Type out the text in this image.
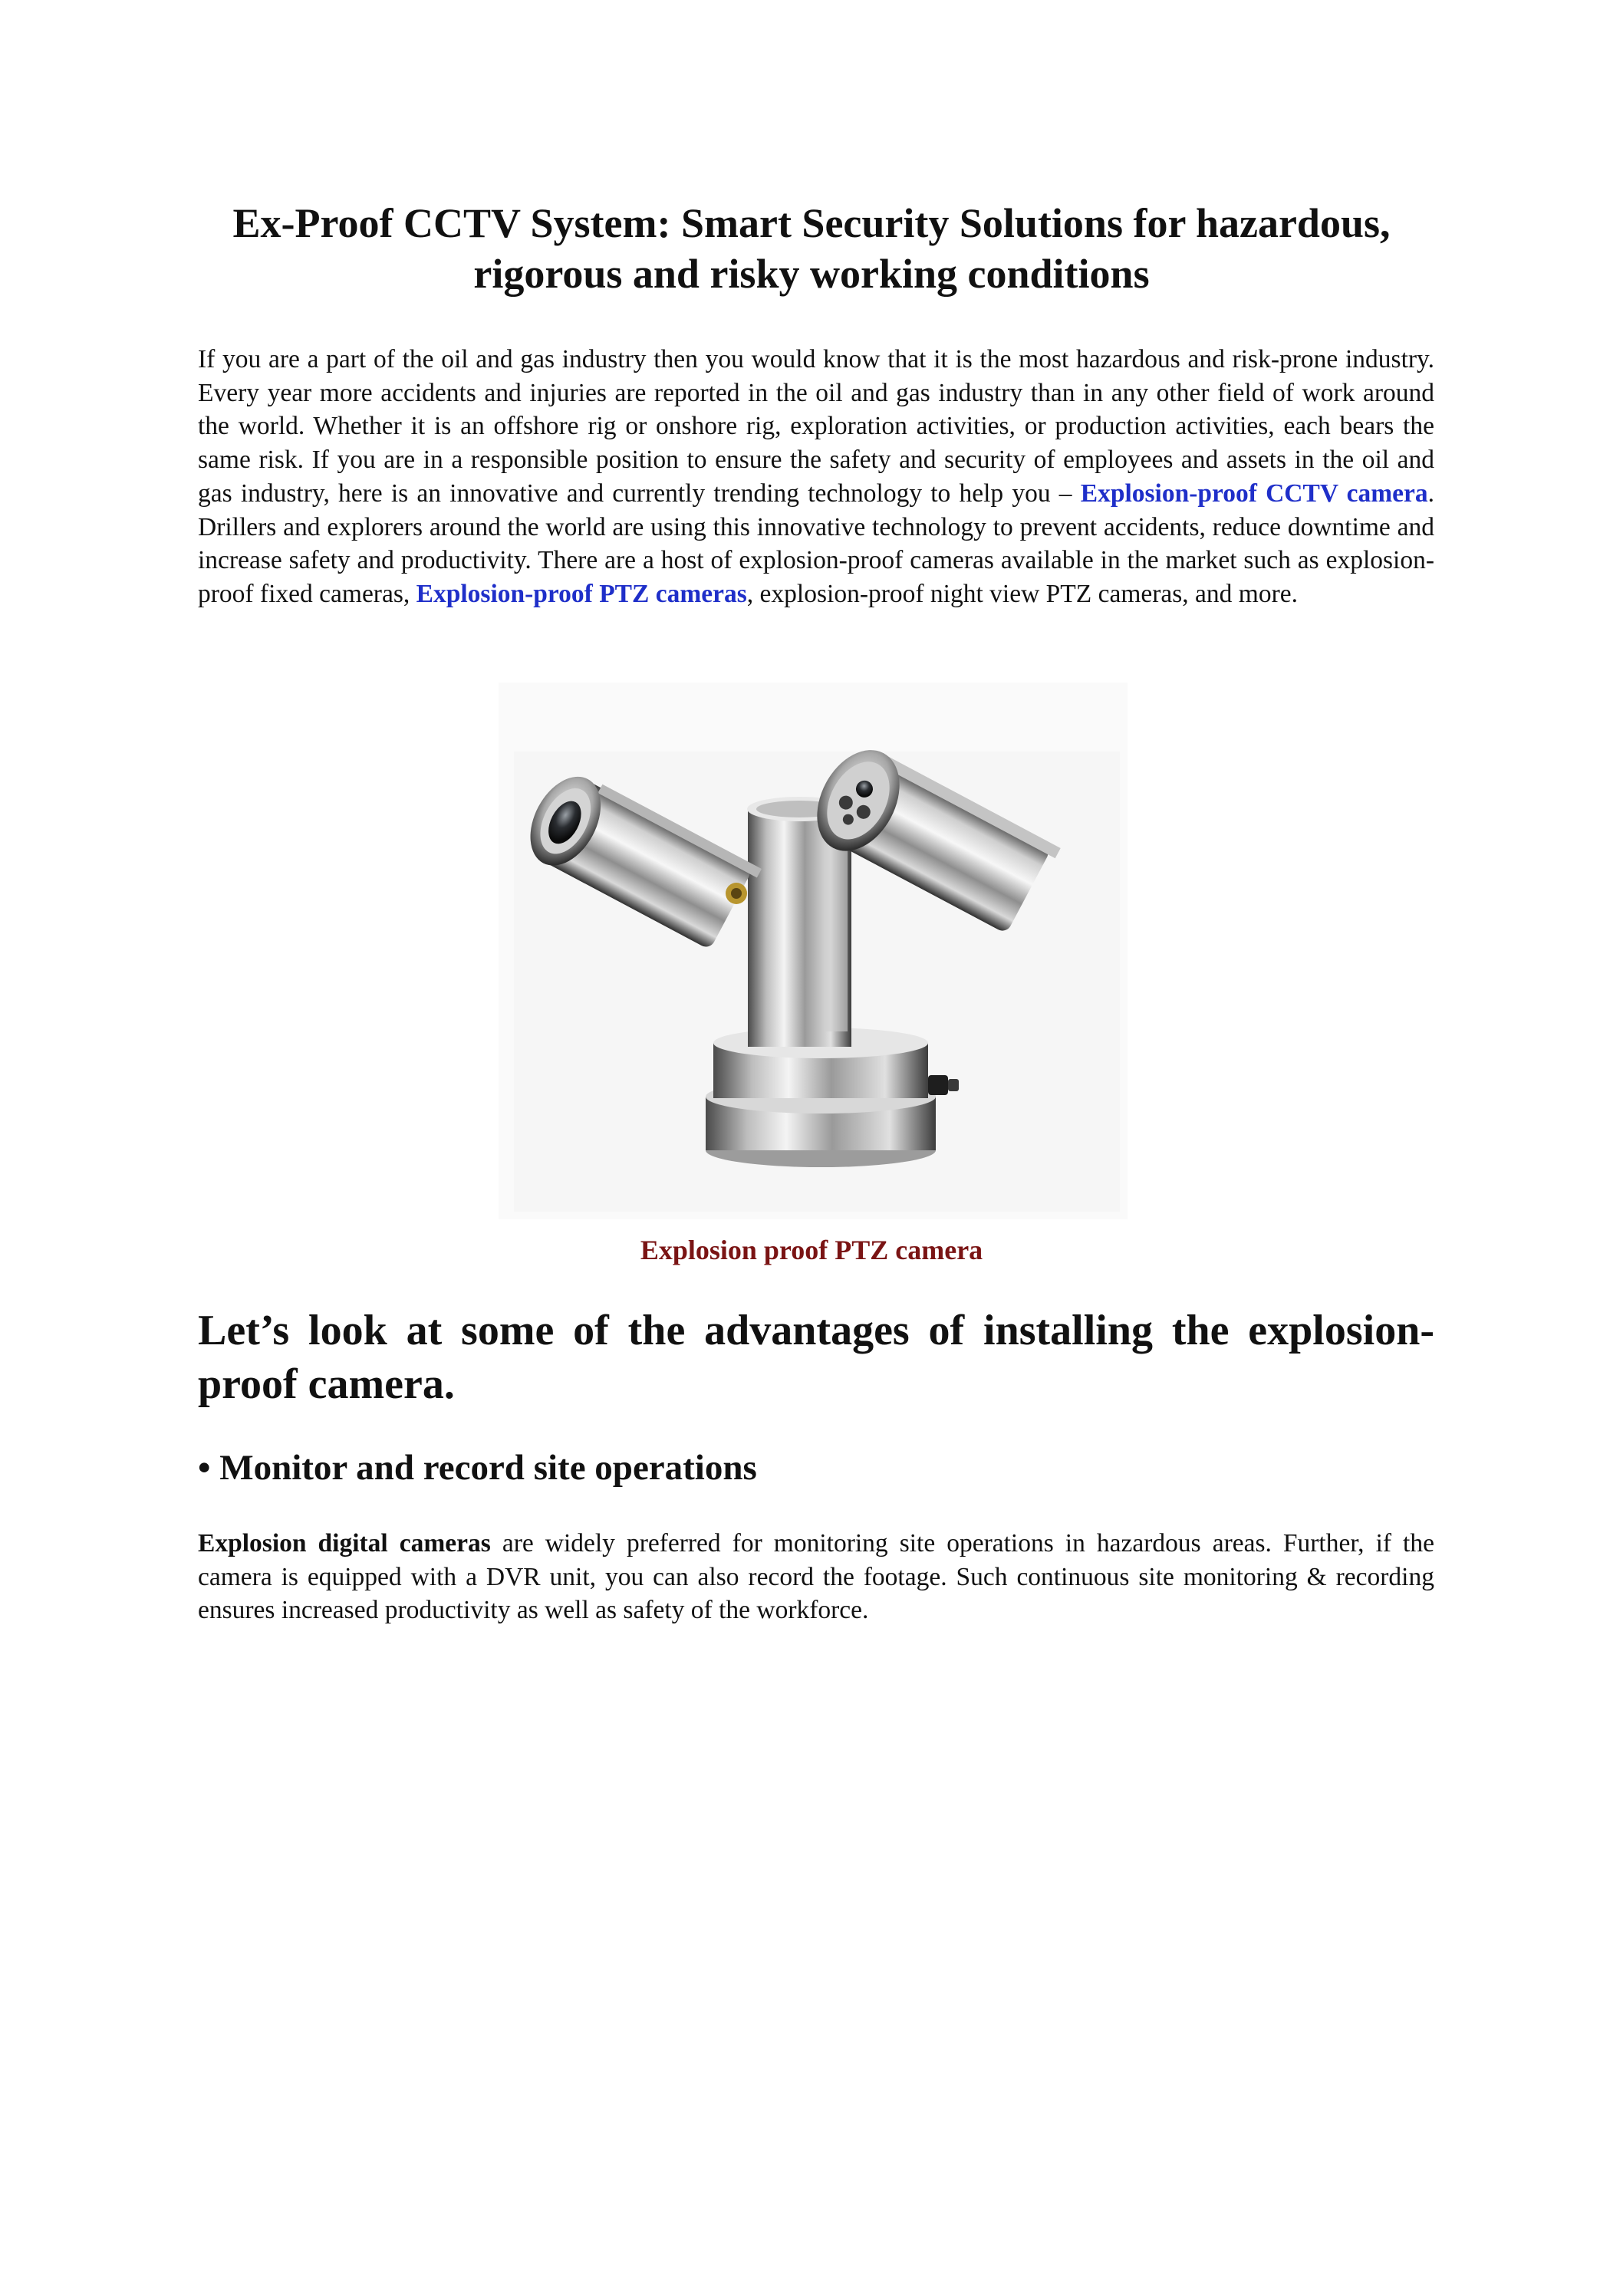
Ex-Proof CCTV System: Smart Security Solutions for hazardous, rigorous and risky working conditions

If you are a part of the oil and gas industry then you would know that it is the most hazardous and risk-prone industry. Every year more accidents and injuries are reported in the oil and gas industry than in any other field of work around the world. Whether it is an offshore rig or onshore rig, exploration activities, or production activities, each bears the same risk. If you are in a responsible position to ensure the safety and security of employees and assets in the oil and gas industry, here is an innovative and currently trending technology to help you – Explosion-proof CCTV camera. Drillers and explorers around the world are using this innovative technology to prevent accidents, reduce downtime and increase safety and productivity. There are a host of explosion-proof cameras available in the market such as explosion-proof fixed cameras, Explosion-proof PTZ cameras, explosion-proof night view PTZ cameras, and more.

Explosion proof PTZ camera

Let’s look at some of the advantages of installing the explosion-proof camera.
• Monitor and record site operations

Explosion digital cameras are widely preferred for monitoring site operations in hazardous areas. Further, if the camera is equipped with a DVR unit, you can also record the footage. Such continuous site monitoring & recording ensures increased productivity as well as safety of the workforce.
